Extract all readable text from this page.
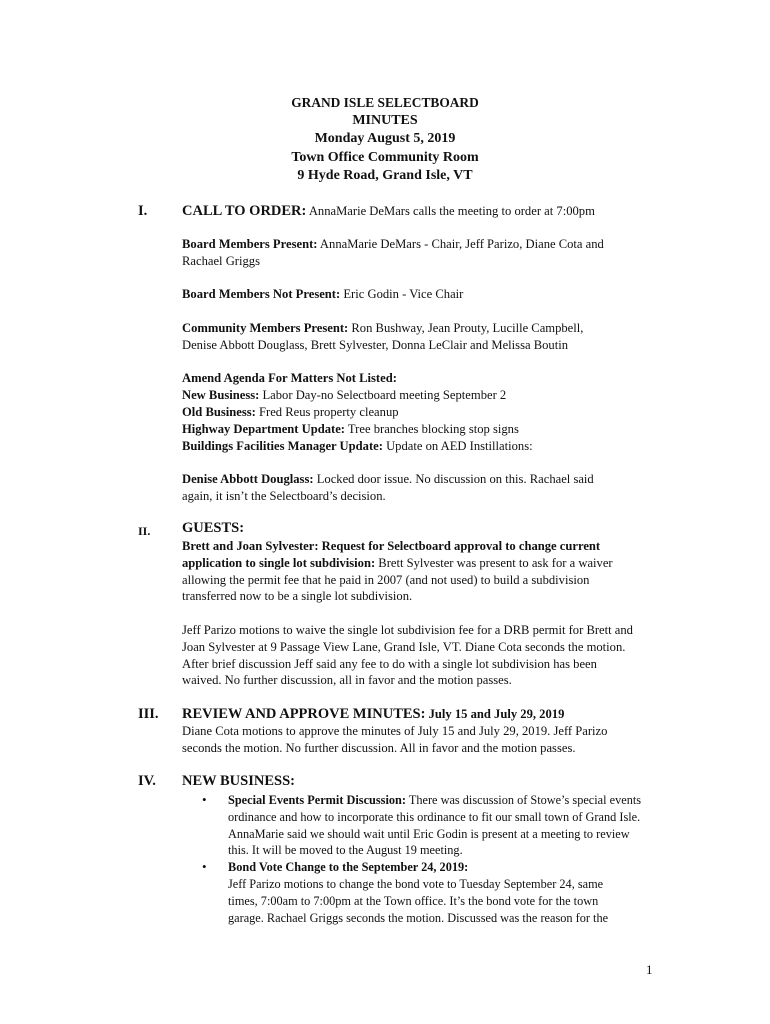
GRAND ISLE SELECTBOARD
MINUTES
Monday August 5, 2019
Town Office Community Room
9 Hyde Road, Grand Isle, VT
I. CALL TO ORDER: AnnaMarie DeMars calls the meeting to order at 7:00pm

Board Members Present: AnnaMarie DeMars - Chair, Jeff Parizo, Diane Cota and

Rachael Griggs

Board Members Not Present: Eric Godin - Vice Chair

Community Members Present: Ron Bushway, Jean Prouty, Lucille Campbell,

Denise Abbott Douglass, Brett Sylvester, Donna LeClair and Melissa Boutin

Amend Agenda For Matters Not Listed:

New Business: Labor Day-no Selectboard meeting September 2

Old Business: Fred Reus property cleanup

Highway Department Update: Tree branches blocking stop signs

Buildings Facilities Manager Update: Update on AED Instillations:

Denise Abbott Douglass: Locked door issue. No discussion on this. Rachael said

again, it isn’t the Selectboard’s decision.

II. GUESTS:

Brett and Joan Sylvester: Request for Selectboard approval to change current

application to single lot subdivision: Brett Sylvester was present to ask for a waiver

allowing the permit fee that he paid in 2007 (and not used) to build a subdivision

transferred now to be a single lot subdivision.

Jeff Parizo motions to waive the single lot subdivision fee for a DRB permit for Brett and

Joan Sylvester at 9 Passage View Lane, Grand Isle, VT. Diane Cota seconds the motion.

After brief discussion Jeff said any fee to do with a single lot subdivision has been

waived. No further discussion, all in favor and the motion passes.

III. REVIEW AND APPROVE MINUTES: July 15 and July 29, 2019

Diane Cota motions to approve the minutes of July 15 and July 29, 2019. Jeff Parizo

seconds the motion. No further discussion. All in favor and the motion passes.

IV. NEW BUSINESS:
• Special Events Permit Discussion: There was discussion of Stowe’s special events

ordinance and how to incorporate this ordinance to fit our small town of Grand Isle.

AnnaMarie said we should wait until Eric Godin is present at a meeting to review

this. It will be moved to the August 19 meeting.

• Bond Vote Change to the September 24, 2019:

Jeff Parizo motions to change the bond vote to Tuesday September 24, same

times, 7:00am to 7:00pm at the Town office. It’s the bond vote for the town

garage. Rachael Griggs seconds the motion. Discussed was the reason for the

1
